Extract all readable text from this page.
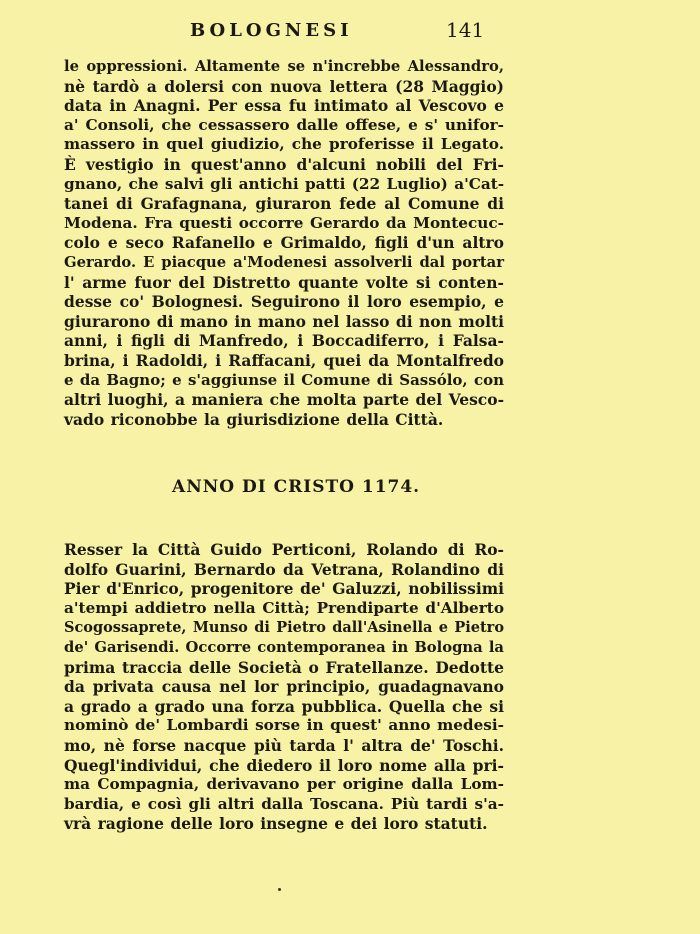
BOLOGNESI	141
le oppressioni. Altamente se n'increbbe Alessandro,
nè tardò a dolersi con nuova lettera (28 Maggio)
data in Anagni. Per essa fu intimato al Vescovo e
a' Consoli, che cessassero dalle offese, e s' unifor-
massero in quel giudizio, che proferisse il Legato.
È vestigio in quest'anno d'alcuni nobili del Fri-
gnano, che salvi gli antichi patti (22 Luglio) a'Cat-
tanei di Grafagnana, giuraron fede al Comune di
Modena. Fra questi occorre Gerardo da Montecuc-
colo e seco Rafanello e Grimaldo, figli d'un altro
Gerardo. E piacque a'Modenesi assolverli dal portar
l' arme fuor del Distretto quante volte si conten-
desse co' Bolognesi. Seguirono il loro esempio, e
giurarono di mano in mano nel lasso di non molti
anni, i figli di Manfredo, i Boccadiferro, i Falsa-
brina, i Radoldi, i Raffacani, quei da Montalfredo
e da Bagno; e s'aggiunse il Comune di Sassólo, con
altri luoghi, a maniera che molta parte del Vesco-
vado riconobbe la giurisdizione della Città.
ANNO DI CRISTO 1174.
Resser la Città Guido Perticoni, Rolando di Ro-
dolfo Guarini, Bernardo da Vetrana, Rolandino di
Pier d'Enrico, progenitore de' Galuzzi, nobilissimi
a'tempi addietro nella Città; Prendiparte d'Alberto
Scogossaprete, Munso di Pietro dall'Asinella e Pietro
de' Garisendi. Occorre contemporanea in Bologna la
prima traccia delle Società o Fratellanze. Dedotte
da privata causa nel lor principio, guadagnavano
a grado a grado una forza pubblica. Quella che si
nominò de' Lombardi sorse in quest' anno medesi-
mo, nè forse nacque più tarda l' altra de' Toschi.
Quegl'individui, che diedero il loro nome alla pri-
ma Compagnia, derivavano per origine dalla Lom-
bardia, e così gli altri dalla Toscana. Più tardi s'a-
vrà ragione delle loro insegne e dei loro statuti.
